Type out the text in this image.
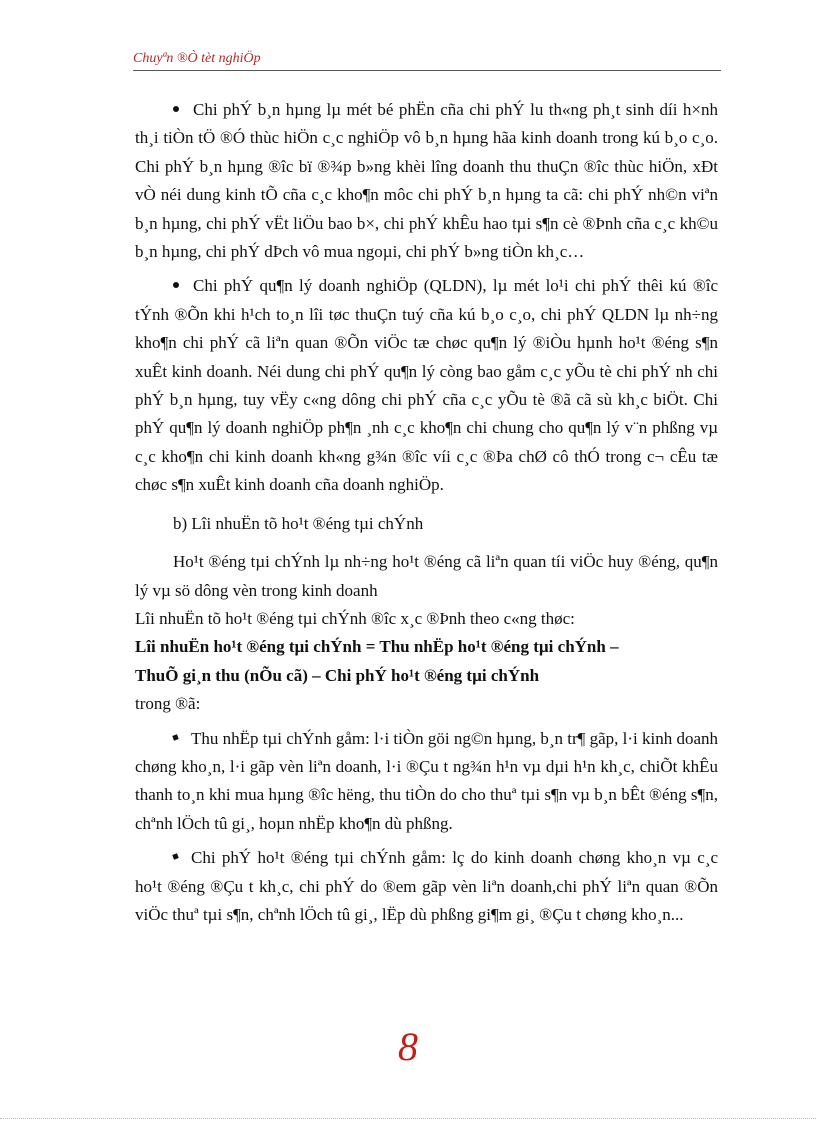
Chuyªn ®Ò tèt nghiÖp

Chi phÝ b¸n hµng lµ mét bé phËn cña chi phÝ lu th«ng ph¸t sinh díi h×nh th¸i tiÒn tÖ ®Ó thùc hiÖn c¸c nghiÖp vô b¸n hµng hãa kinh doanh trong kú b¸o c¸o. Chi phÝ b¸n hµng ®îc bï ®¾p b»ng khèi lîng doanh thu thuÇn ®îc thùc hiÖn, xÐt vÒ néi dung kinh tÕ cña c¸c kho¶n môc chi phÝ b¸n hµng ta cã: chi phÝ nh©n viªn b¸n hµng, chi phÝ vËt liÖu bao b×, chi phÝ khÊu hao tµi s¶n cè ®Þnh cña c¸c kh©u b¸n hµng, chi phÝ dÞch vô mua ngoµi, chi phÝ b»ng tiÒn kh¸c…

Chi phÝ qu¶n lý doanh nghiÖp (QLDN), lµ mét lo¹i chi phÝ thêi kú ®îc tÝnh ®Õn khi h¹ch to¸n lîi tøc thuÇn tuý cña kú b¸o c¸o, chi phÝ QLDN lµ nh÷ng kho¶n chi phÝ cã liªn quan ®Õn viÖc tæ chøc qu¶n lý ®iÒu hµnh ho¹t ®éng s¶n xuÊt kinh doanh. Néi dung chi phÝ qu¶n lý còng bao gåm c¸c yÕu tè chi phÝ nh chi phÝ b¸n hµng, tuy vËy c«ng dông chi phÝ cña c¸c yÕu tè ®ã cã sù kh¸c biÖt. Chi phÝ qu¶n lý doanh nghiÖp ph¶n ¸nh c¸c kho¶n chi chung cho qu¶n lý v¨n phßng vµ c¸c kho¶n chi kinh doanh kh«ng g¾n ®îc víi c¸c ®Þa chØ cô thÓ trong c¬ cÊu tæ chøc s¶n xuÊt kinh doanh cña doanh nghiÖp.

b) Lîi nhuËn tõ ho¹t ®éng tµi chÝnh

Ho¹t ®éng tµi chÝnh lµ nh÷ng ho¹t ®éng cã liªn quan tíi viÖc huy ®éng, qu¶n lý vµ sö dông vèn trong kinh doanh

Lîi nhuËn tõ ho¹t ®éng tµi chÝnh ®îc x¸c ®Þnh theo c«ng thøc:

Lîi nhuËn ho¹t ®éng tµi chÝnh = Thu nhËp ho¹t ®éng tµi chÝnh –

ThuÕ gi¸n thu (nÕu cã) – Chi phÝ ho¹t ®éng tµi chÝnh

trong ®ã:

Thu nhËp tµi chÝnh gåm: l·i tiÒn göi ng©n hµng, b¸n tr¶ gãp, l·i kinh doanh chøng kho¸n, l·i gãp vèn liªn doanh, l·i ®Çu t ng¾n h¹n vµ dµi h¹n kh¸c, chiÕt khÊu thanh to¸n khi mua hµng ®îc hëng, thu tiÒn do cho thuª tµi s¶n vµ b¸n bÊt ®éng s¶n, chªnh lÖch tû gi¸, hoµn nhËp kho¶n dù phßng.

Chi phÝ ho¹t ®éng tµi chÝnh gåm: lç do kinh doanh chøng kho¸n vµ c¸c ho¹t ®éng ®Çu t kh¸c, chi phÝ do ®em gãp vèn liªn doanh,chi phÝ liªn quan ®Õn viÖc thuª tµi s¶n, chªnh lÖch tû gi¸, lËp dù phßng gi¶m gi¸ ®Çu t chøng kho¸n...

8
